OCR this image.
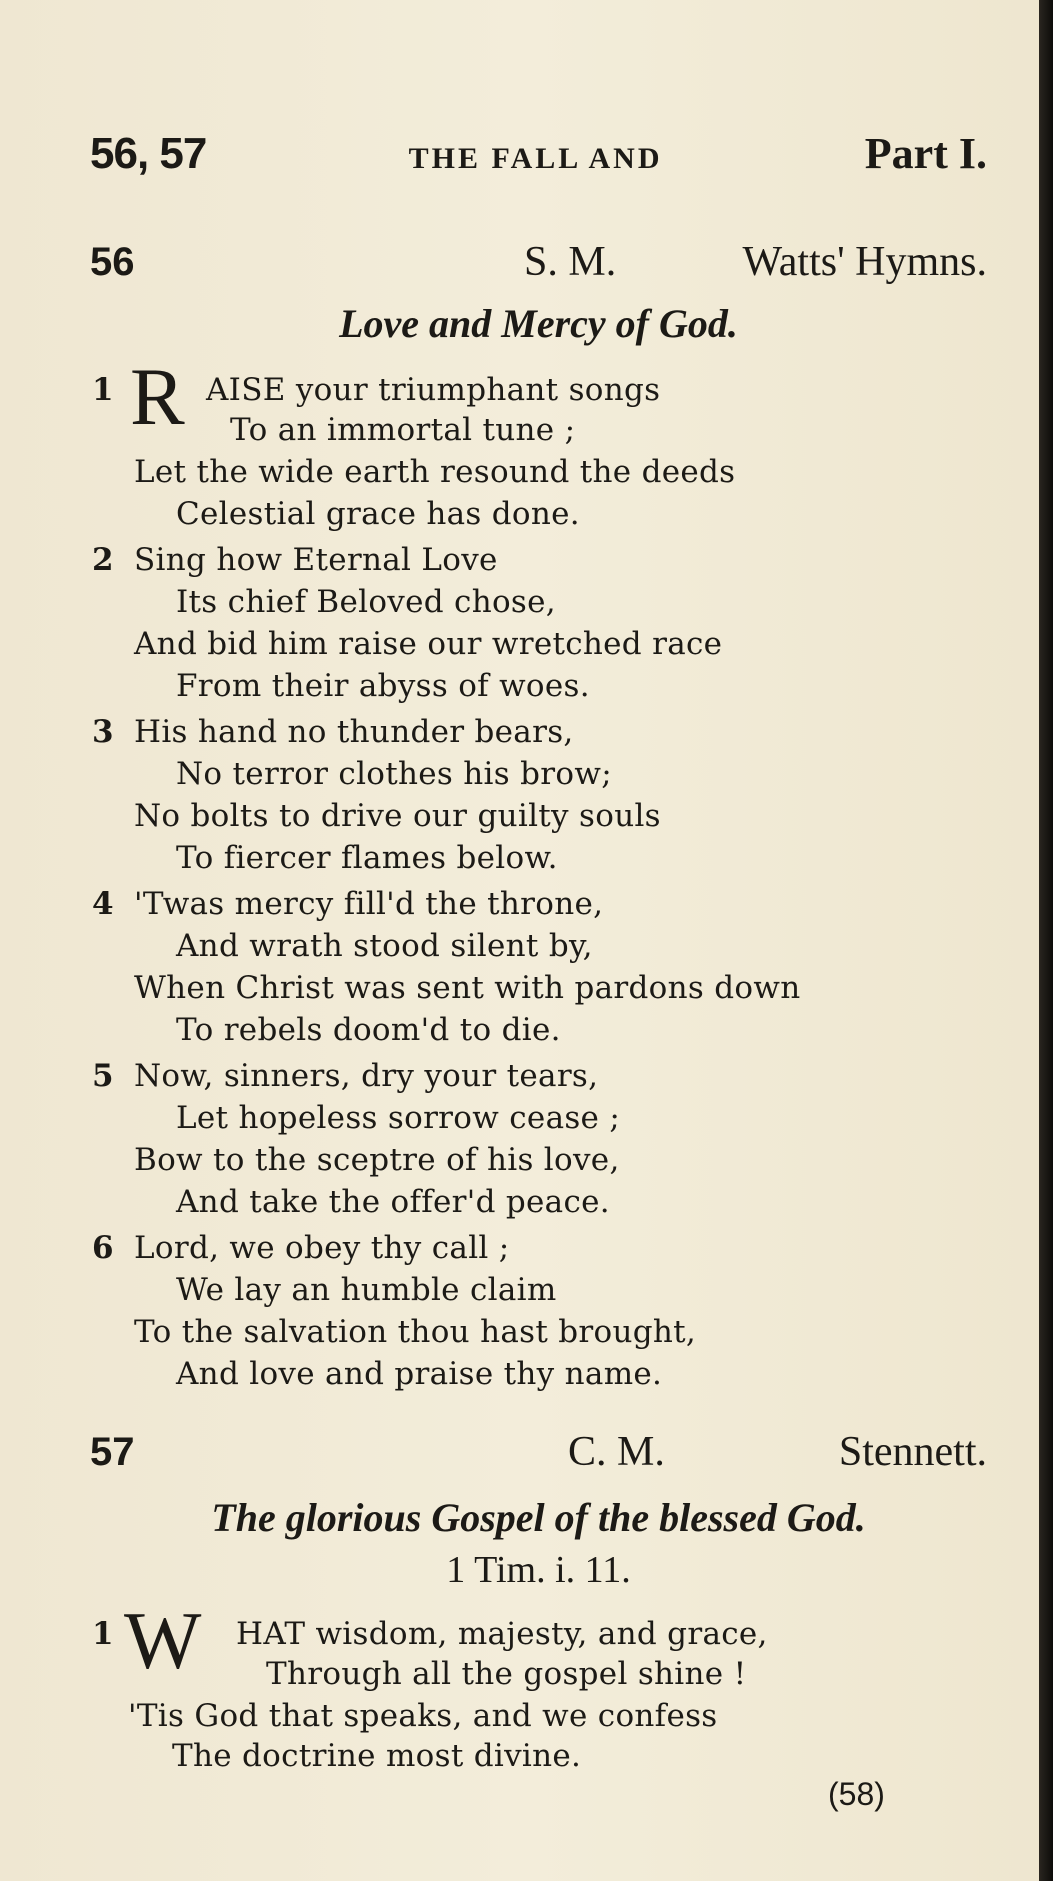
56, 57	THE FALL AND	Part I.
56	S. M.	Watts' Hymns.
Love and Mercy of God.
1 R AISE your triumphant songs
To an immortal tune ;
Let the wide earth resound the deeds
Celestial grace has done.
2 Sing how Eternal Love
Its chief Beloved chose,
And bid him raise our wretched race
From their abyss of woes.
3 His hand no thunder bears,
No terror clothes his brow;
No bolts to drive our guilty souls
To fiercer flames below.
4 'Twas mercy fill'd the throne,
And wrath stood silent by,
When Christ was sent with pardons down
To rebels doom'd to die.
5 Now, sinners, dry your tears,
Let hopeless sorrow cease ;
Bow to the sceptre of his love,
And take the offer'd peace.
6 Lord, we obey thy call ;
We lay an humble claim
To the salvation thou hast brought,
And love and praise thy name.
57	C. M.	Stennett.
The glorious Gospel of the blessed God.
1 Tim. i. 11.
1 W HAT wisdom, majesty, and grace,
Through all the gospel shine !
'Tis God that speaks, and we confess
The doctrine most divine.
(58)
